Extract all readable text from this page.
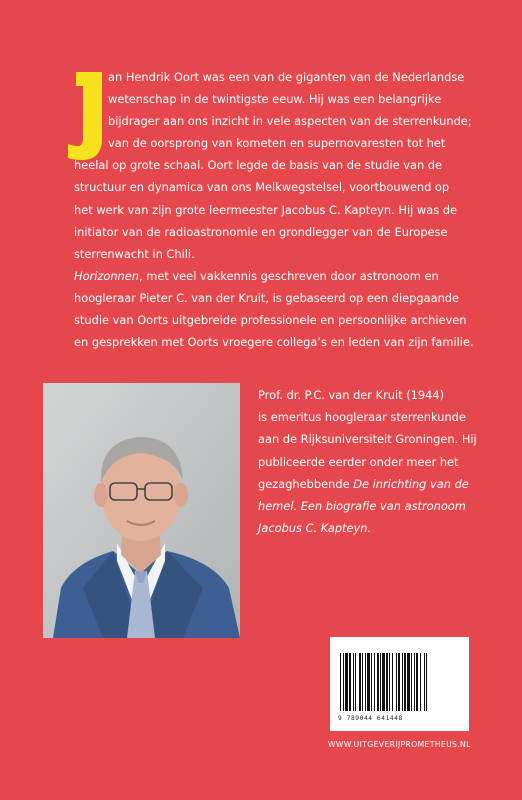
an Hendrik Oort was een van de giganten van de Nederlandse
wetenschap in de twintigste eeuw. Hij was een belangrijke
bijdrager aan ons inzicht in vele aspecten van de sterrenkunde;
van de oorsprong van kometen en supernovaresten tot het
heelal op grote schaal. Oort legde de basis van de studie van de
structuur en dynamica van ons Melkwegstelsel, voortbouwend op
het werk van zijn grote leermeester Jacobus C. Kapteyn. Hij was de
initiator van de radioastronomie en grondlegger van de Europese
sterrenwacht in Chili.
Horizonnen, met veel vakkennis geschreven door astronoom en
hoogleraar Pieter C. van der Kruit, is gebaseerd op een diepgaande
studie van Oorts uitgebreide professionele en persoonlijke archieven
en gesprekken met Oorts vroegere collega’s en leden van zijn familie.
Prof. dr. P.C. van der Kruit (1944)
is emeritus hoogleraar sterrenkunde
aan de Rijksuniversiteit Groningen. Hij
publiceerde eerder onder meer het
gezaghebbende De inrichting van de
hemel. Een biografie van astronoom
Jacobus C. Kapteyn.
9 789044 641448
WWW.UITGEVERIJPROMETHEUS.NL
